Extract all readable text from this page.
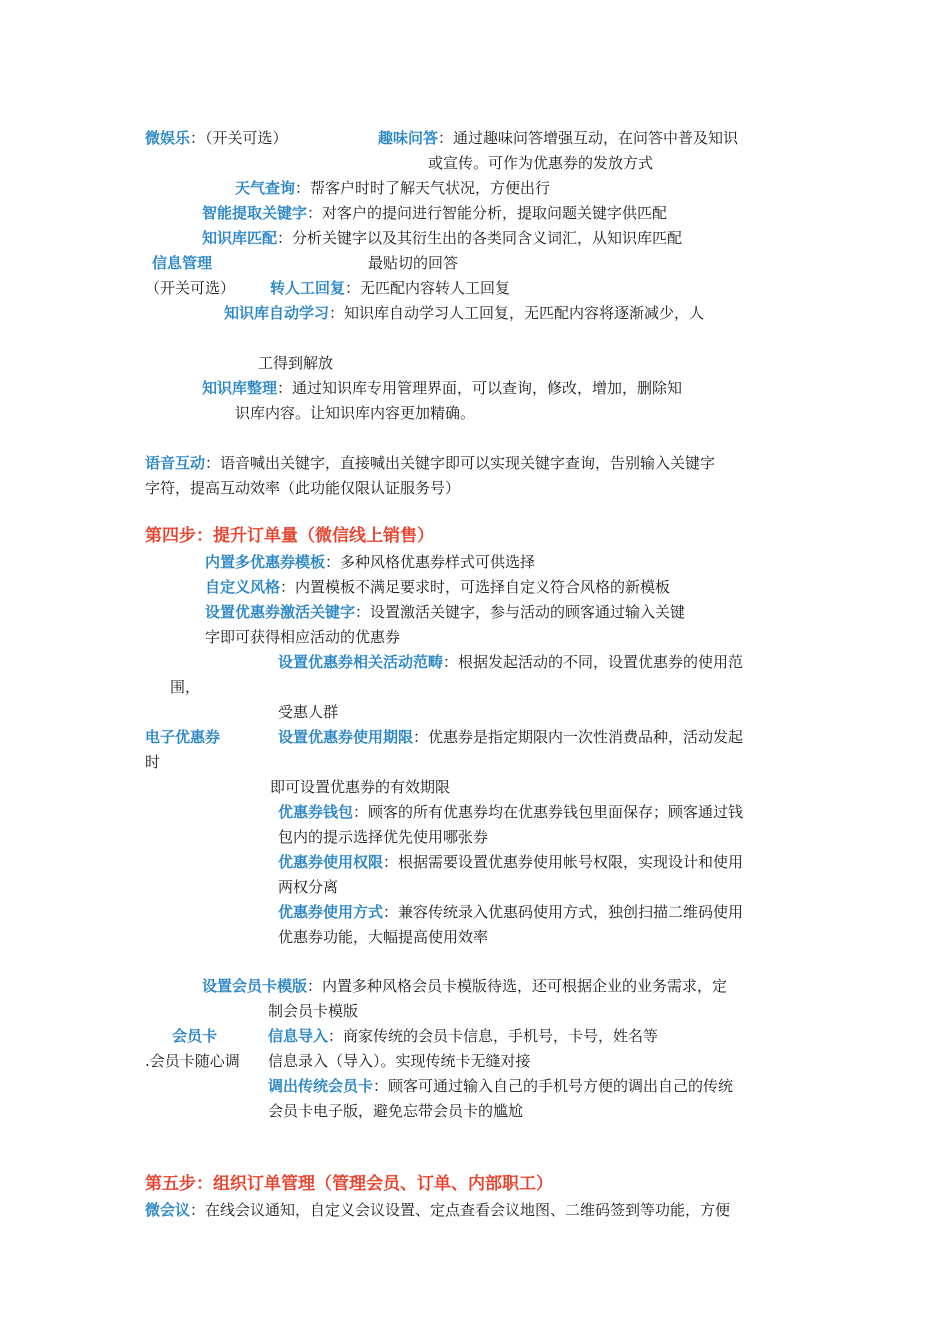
微娱乐：（开关可选）	趣味问答：通过趣味问答增强互动，在问答中普及知识
或宣传。可作为优惠券的发放方式
天气查询：帮客户时时了解天气状况，方便出行
智能提取关键字：对客户的提问进行智能分析，提取问题关键字供匹配
知识库匹配：分析关键字以及其衍生出的各类同含义词汇，从知识库匹配
信息管理	最贴切的回答
（开关可选） 转人工回复：无匹配内容转人工回复
知识库自动学习：知识库自动学习人工回复，无匹配内容将逐渐减少，人
工得到解放
知识库整理：通过知识库专用管理界面，可以查询，修改，增加，删除知
识库内容。让知识库内容更加精确。
语音互动：语音喊出关键字，直接喊出关键字即可以实现关键字查询，告别输入关键字
字符，提高互动效率（此功能仅限认证服务号）
第四步：提升订单量（微信线上销售）
内置多优惠券模板：多种风格优惠券样式可供选择
自定义风格：内置模板不满足要求时，可选择自定义符合风格的新模板
设置优惠券激活关键字：设置激活关键字，参与活动的顾客通过输入关键
字即可获得相应活动的优惠券
设置优惠券相关活动范畴：根据发起活动的不同，设置优惠券的使用范
围，
受惠人群
电子优惠券	设置优惠券使用期限：优惠券是指定期限内一次性消费品种，活动发起
时
即可设置优惠券的有效期限
优惠券钱包：顾客的所有优惠券均在优惠券钱包里面保存；顾客通过钱
包内的提示选择优先使用哪张券
优惠券使用权限：根据需要设置优惠券使用帐号权限，实现设计和使用
两权分离
优惠券使用方式：兼容传统录入优惠码使用方式，独创扫描二维码使用
优惠券功能，大幅提高使用效率
设置会员卡模版：内置多种风格会员卡模版待选，还可根据企业的业务需求，定
制会员卡模版
会员卡	信息导入：商家传统的会员卡信息，手机号，卡号，姓名等
.会员卡随心调 信息录入（导入）。实现传统卡无缝对接
调出传统会员卡：顾客可通过输入自己的手机号方便的调出自己的传统
会员卡电子版，避免忘带会员卡的尴尬
第五步：组织订单管理（管理会员、订单、内部职工）
微会议：在线会议通知，自定义会议设置、定点查看会议地图、二维码签到等功能，方便
